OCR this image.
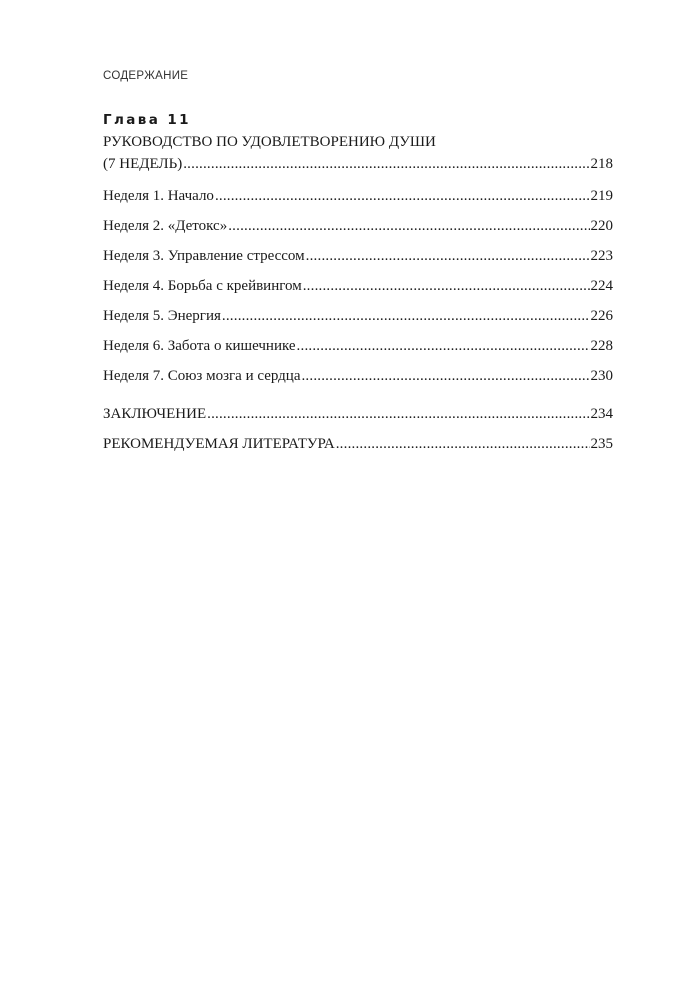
СОДЕРЖАНИЕ
Глава 11
РУКОВОДСТВО ПО УДОВЛЕТВОРЕНИЮ ДУШИ
(7 НЕДЕЛЬ) .....	218
Неделя 1. Начало .....	219
Неделя 2. «Детокс» .....	220
Неделя 3. Управление стрессом .....	223
Неделя 4. Борьба с крейвингом .....	224
Неделя 5. Энергия .....	226
Неделя 6. Забота о кишечнике .....	228
Неделя 7. Союз мозга и сердца .....	230
ЗАКЛЮЧЕНИЕ .....	234
РЕКОМЕНДУЕМАЯ ЛИТЕРАТУРА .....	235
